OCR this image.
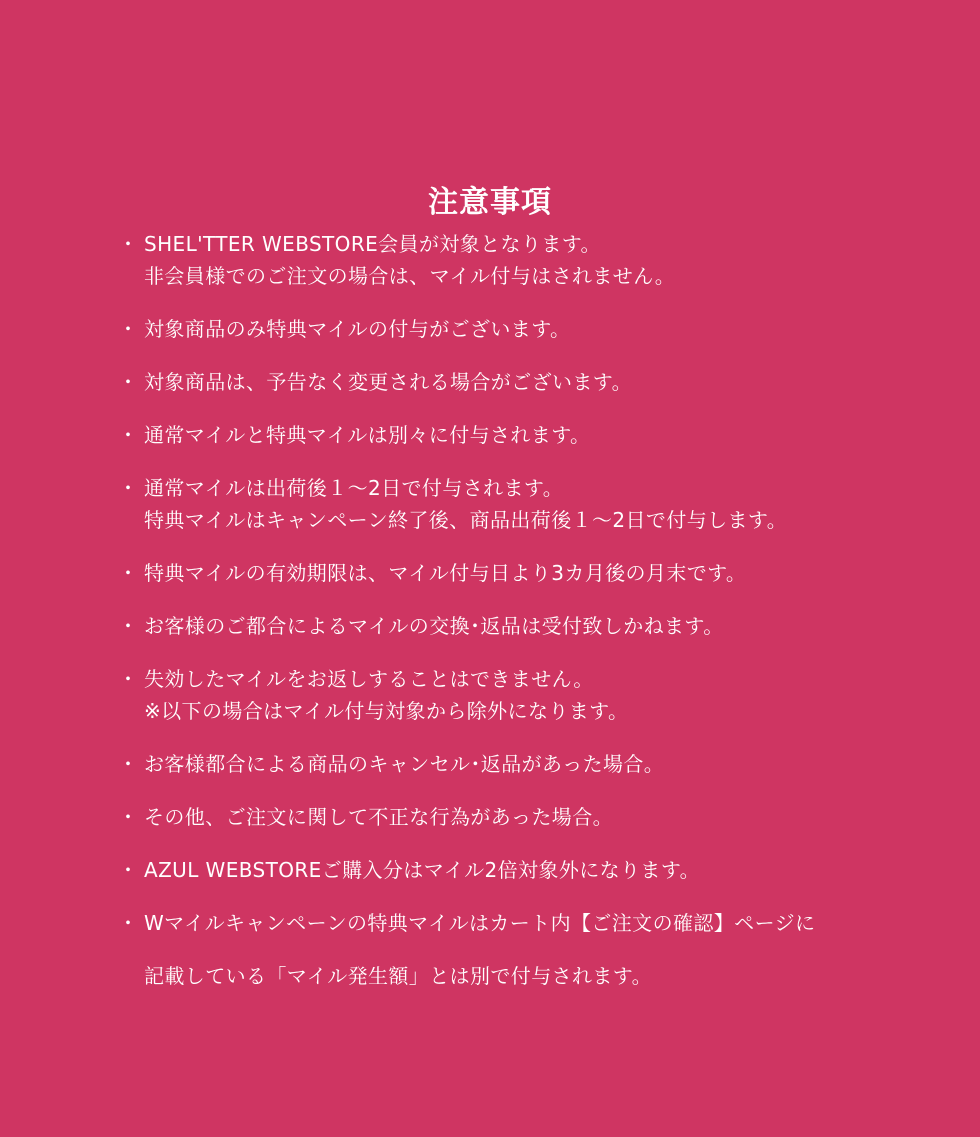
注意事項
・ SHEL'TTER WEBSTORE会員が対象となります。
非会員様でのご注文の場合は、マイル付与はされません。
・ 対象商品のみ特典マイルの付与がございます。
・ 対象商品は、予告なく変更される場合がございます。
・ 通常マイルと特典マイルは別々に付与されます。
・ 通常マイルは出荷後１〜2日で付与されます。
特典マイルはキャンペーン終了後、商品出荷後１〜2日で付与します。
・ 特典マイルの有効期限は、マイル付与日より3カ月後の月末です。
・ お客様のご都合によるマイルの交換･返品は受付致しかねます。
・ 失効したマイルをお返しすることはできません。
※以下の場合はマイル付与対象から除外になります。
・ お客様都合による商品のキャンセル･返品があった場合。
・ その他、ご注文に関して不正な行為があった場合。
・ AZUL WEBSTOREご購入分はマイル2倍対象外になります。
・ Wマイルキャンペーンの特典マイルはカート内【ご注文の確認】ページに
記載している「マイル発生額」とは別で付与されます。
